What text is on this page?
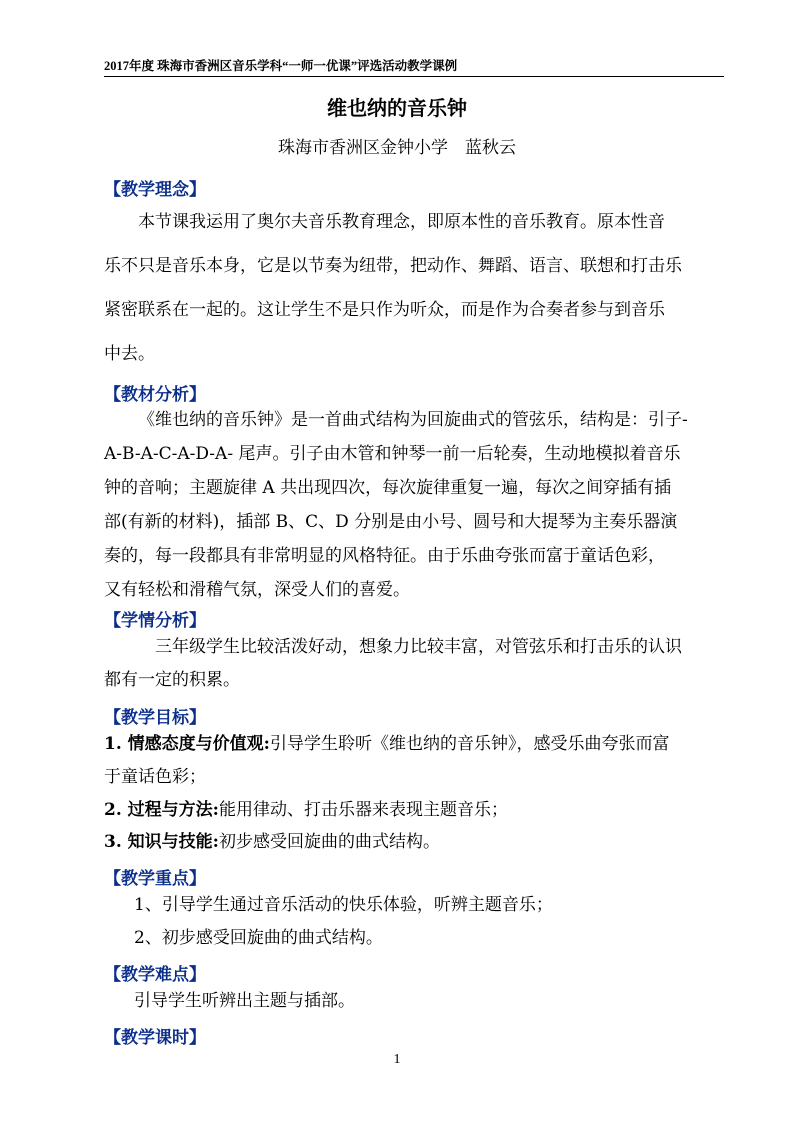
2017年度 珠海市香洲区音乐学科“一师一优课”评选活动教学课例
维也纳的音乐钟
珠海市香洲区金钟小学　蓝秋云
【教学理念】
本节课我运用了奥尔夫音乐教育理念，即原本性的音乐教育。原本性音
乐不只是音乐本身，它是以节奏为纽带，把动作、舞蹈、语言、联想和打击乐
紧密联系在一起的。这让学生不是只作为听众，而是作为合奏者参与到音乐
中去。
【教材分析】
《维也纳的音乐钟》是一首曲式结构为回旋曲式的管弦乐，结构是：引子-
A-B-A-C-A-D-A- 尾声。引子由木管和钟琴一前一后轮奏，生动地模拟着音乐
钟的音响；主题旋律 A 共出现四次，每次旋律重复一遍，每次之间穿插有插
部(有新的材料)，插部 B、C、D 分别是由小号、圆号和大提琴为主奏乐器演
奏的，每一段都具有非常明显的风格特征。由于乐曲夸张而富于童话色彩，
又有轻松和滑稽气氛，深受人们的喜爱。
【学情分析】
三年级学生比较活泼好动，想象力比较丰富，对管弦乐和打击乐的认识
都有一定的积累。
【教学目标】
1. 情感态度与价值观:引导学生聆听《维也纳的音乐钟》，感受乐曲夸张而富
于童话色彩；
2. 过程与方法:能用律动、打击乐器来表现主题音乐；
3. 知识与技能:初步感受回旋曲的曲式结构。
【教学重点】
1、引导学生通过音乐活动的快乐体验，听辨主题音乐；
2、初步感受回旋曲的曲式结构。
【教学难点】
引导学生听辨出主题与插部。
【教学课时】
1
